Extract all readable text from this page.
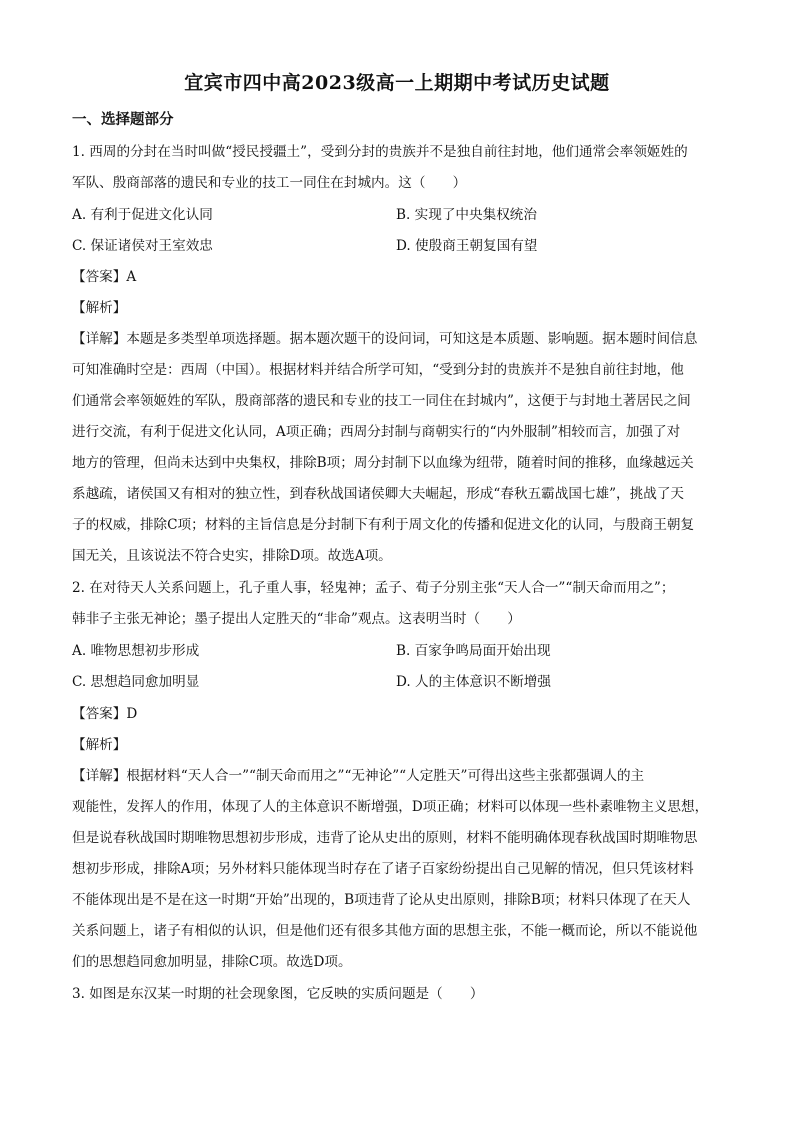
宜宾市四中高2023级高一上期期中考试历史试题
一、选择题部分
1. 西周的分封在当时叫做“授民授疆土”，受到分封的贵族并不是独自前往封地，他们通常会率领姬姓的
军队、殷商部落的遗民和专业的技工一同住在封城内。这（　　）
A. 有利于促进文化认同	B. 实现了中央集权统治
C. 保证诸侯对王室效忠	D. 使殷商王朝复国有望
【答案】A
【解析】
【详解】本题是多类型单项选择题。据本题次题干的设问词，可知这是本质题、影响题。据本题时间信息
可知准确时空是：西周（中国）。根据材料并结合所学可知，“受到分封的贵族并不是独自前往封地，他
们通常会率领姬姓的军队，殷商部落的遗民和专业的技工一同住在封城内”，这便于与封地土著居民之间
进行交流，有利于促进文化认同，A项正确；西周分封制与商朝实行的“内外服制”相较而言，加强了对
地方的管理，但尚未达到中央集权，排除B项；周分封制下以血缘为纽带，随着时间的推移，血缘越远关
系越疏，诸侯国又有相对的独立性，到春秋战国诸侯卿大夫崛起，形成“春秋五霸战国七雄”，挑战了天
子的权威，排除C项；材料的主旨信息是分封制下有利于周文化的传播和促进文化的认同，与殷商王朝复
国无关，且该说法不符合史实，排除D项。故选A项。
2. 在对待天人关系问题上，孔子重人事，轻鬼神；孟子、荀子分别主张“天人合一”“制天命而用之”；
韩非子主张无神论；墨子提出人定胜天的“非命”观点。这表明当时（　　）
A. 唯物思想初步形成	B. 百家争鸣局面开始出现
C. 思想趋同愈加明显	D. 人的主体意识不断增强
【答案】D
【解析】
【详解】根据材料“天人合一”“制天命而用之”“无神论”“人定胜天”可得出这些主张都强调人的主
观能性，发挥人的作用，体现了人的主体意识不断增强，D项正确；材料可以体现一些朴素唯物主义思想，
但是说春秋战国时期唯物思想初步形成，违背了论从史出的原则，材料不能明确体现春秋战国时期唯物思
想初步形成，排除A项；另外材料只能体现当时存在了诸子百家纷纷提出自己见解的情况，但只凭该材料
不能体现出是不是在这一时期“开始”出现的，B项违背了论从史出原则，排除B项；材料只体现了在天人
关系问题上，诸子有相似的认识，但是他们还有很多其他方面的思想主张，不能一概而论，所以不能说他
们的思想趋同愈加明显，排除C项。故选D项。
3. 如图是东汉某一时期的社会现象图，它反映的实质问题是（　　）
